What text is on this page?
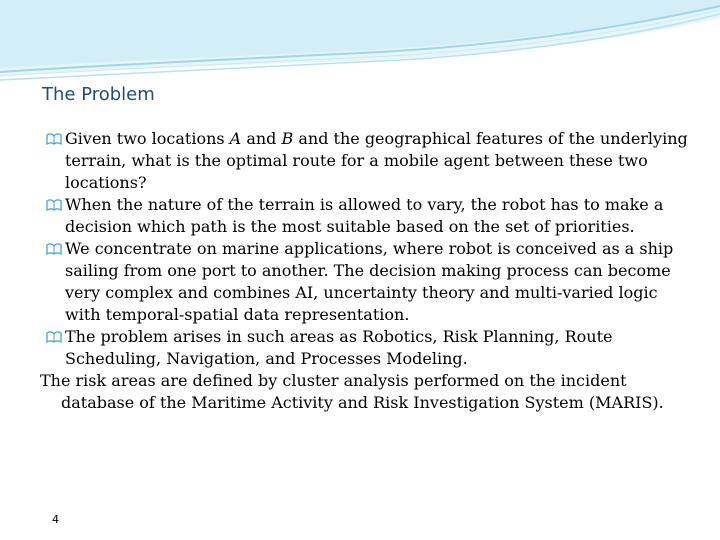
The Problem

Given two locations A and B and the geographical features of the underlying terrain, what is the optimal route for a mobile agent between these two locations?

When the nature of the terrain is allowed to vary, the robot has to make a decision which path is the most suitable based on the set of priorities.

We concentrate on marine applications, where robot is conceived as a ship sailing from one port to another. The decision making process can become very complex and combines AI, uncertainty theory and multi-varied logic with temporal-spatial data representation.

The problem arises in such areas as Robotics, Risk Planning, Route Scheduling, Navigation, and Processes Modeling.

The risk areas are defined by cluster analysis performed on the incident database of the Maritime Activity and Risk Investigation System (MARIS).

4
